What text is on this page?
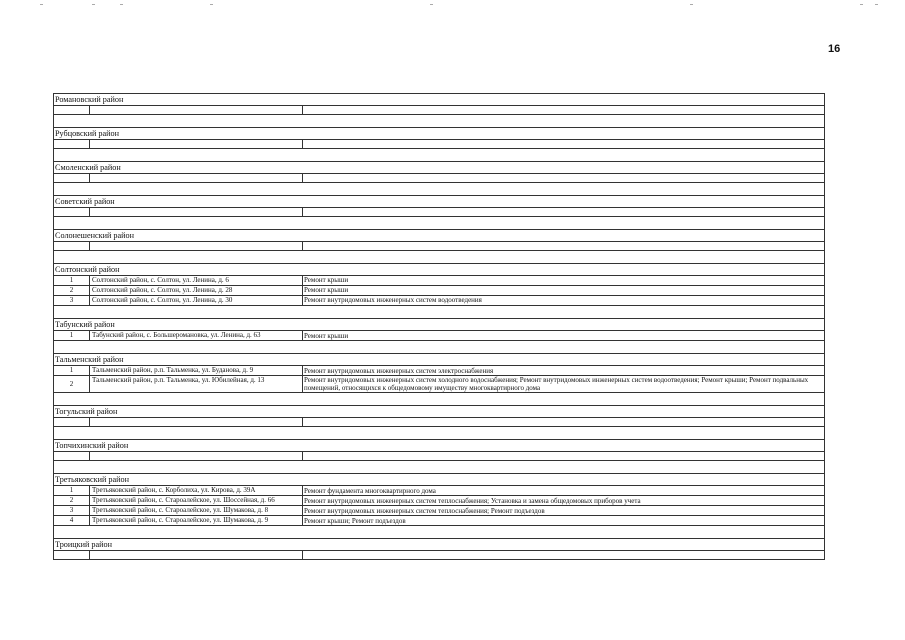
16
Романовский район
Рубцовский район
Смоленский район
Советский район
Солонешенский район
Солтонский район
1	Солтонский район, с. Солтон, ул. Ленина, д. 6	Ремонт крыши
2	Солтонский район, с. Солтон, ул. Ленина, д. 28	Ремонт крыши
3	Солтонский район, с. Солтон, ул. Ленина, д. 30	Ремонт внутридомовых инженерных систем водоотведения
Табунский район
1	Табунский район, с. Большеромановка, ул. Ленина, д. 63	Ремонт крыши
Тальменский район
1	Тальменский район, р.п. Тальменка, ул. Буданова, д. 9	Ремонт внутридомовых инженерных систем электроснабжения
2	Тальменский район, р.п. Тальменка, ул. Юбилейная, д. 13	Ремонт внутридомовых инженерных систем холодного водоснабжения; Ремонт внутридомовых инженерных систем водоотведения; Ремонт крыши; Ремонт подвальных помещений, относящихся к общедомовому имуществу многоквартирного дома
Тогульский район
Топчихинский район
Третьяковский район
1	Третьяковский район, с. Корболиха, ул. Кирова, д. 39А	Ремонт фундамента многоквартирного дома
2	Третьяковский район, с. Староалейское, ул. Шоссейная, д. 66	Ремонт внутридомовых инженерных систем теплоснабжения; Установка и замена общедомовых приборов учета
3	Третьяковский район, с. Староалейское, ул. Шумакова, д. 8	Ремонт внутридомовых инженерных систем теплоснабжения; Ремонт подъездов
4	Третьяковский район, с. Староалейское, ул. Шумакова, д. 9	Ремонт крыши; Ремонт подъездов
Троицкий район
